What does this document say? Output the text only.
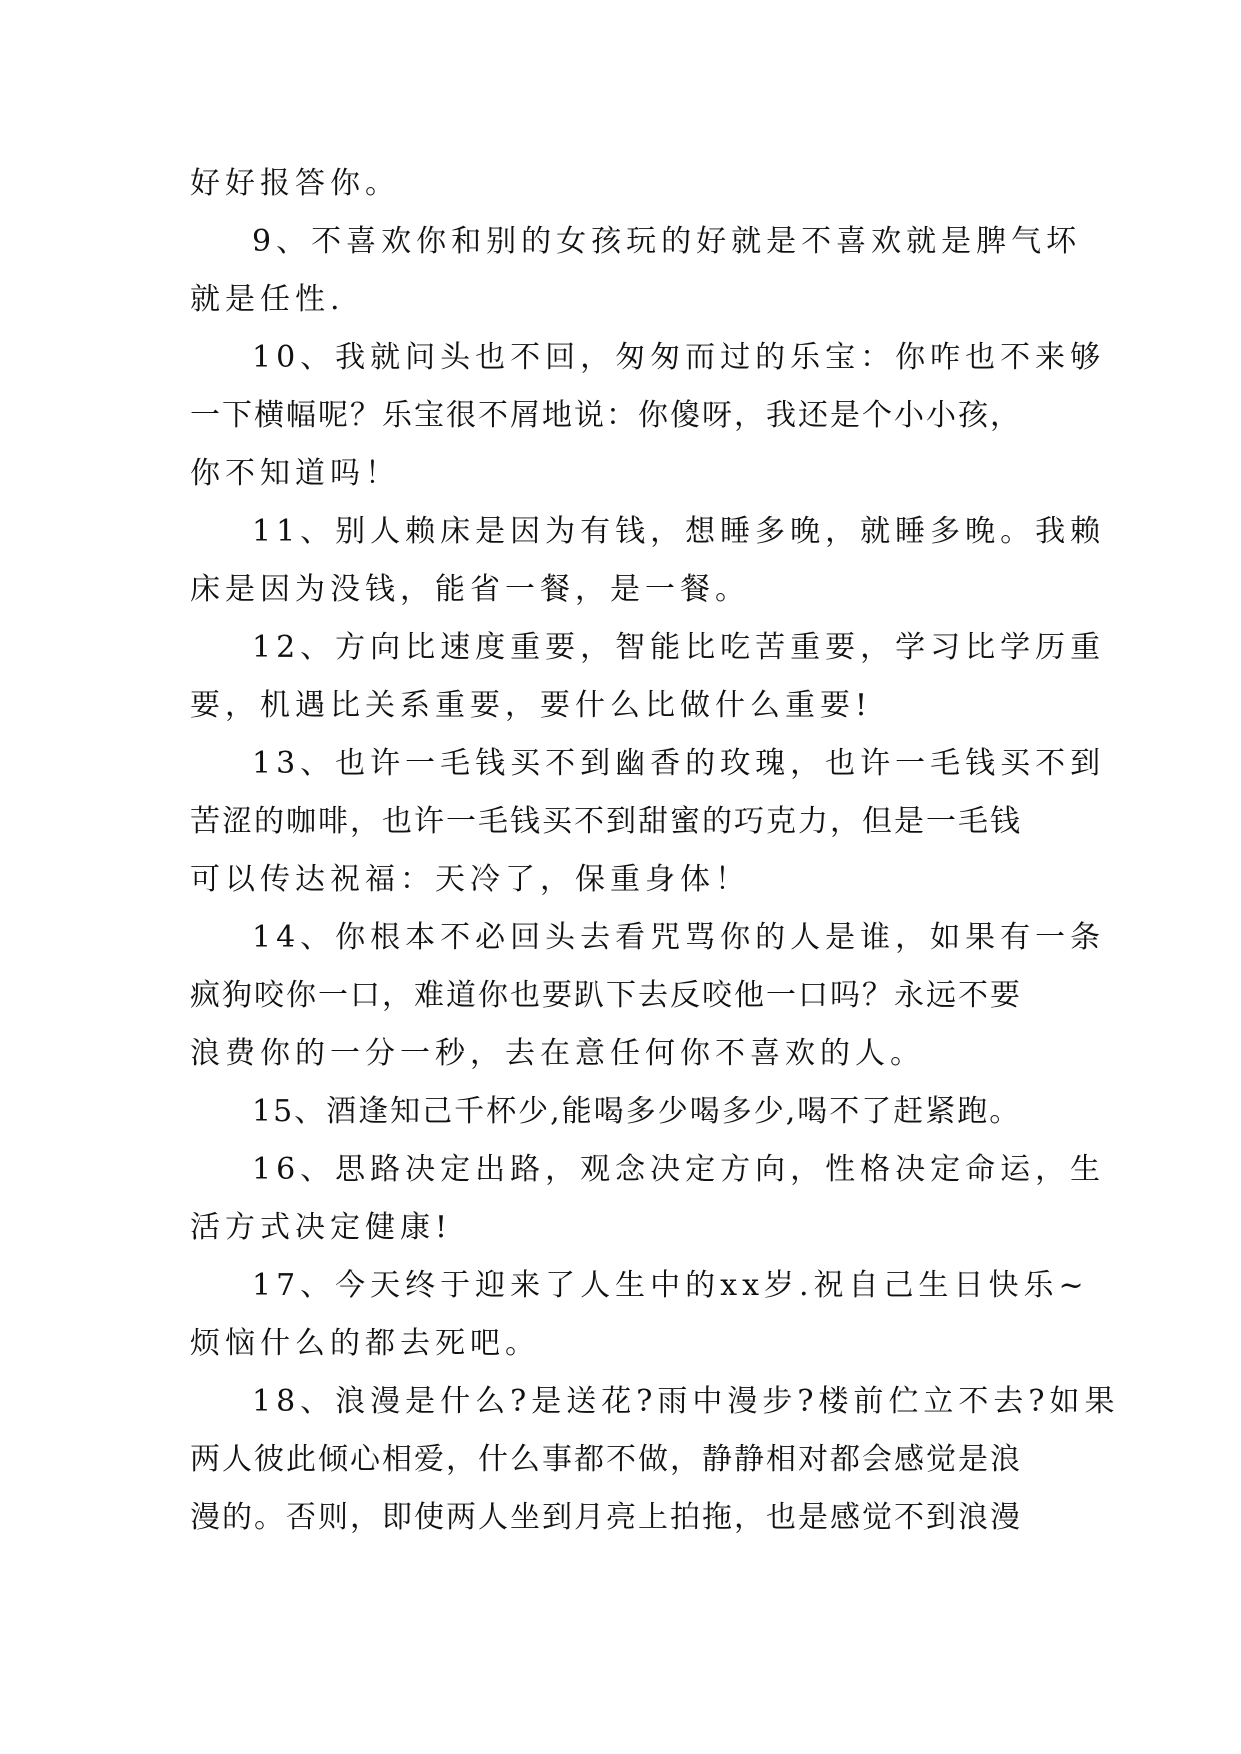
好好报答你。
9、不喜欢你和别的女孩玩的好就是不喜欢就是脾气坏
就是任性.
10、我就问头也不回，匆匆而过的乐宝：你咋也不来够
一下横幅呢？乐宝很不屑地说：你傻呀，我还是个小小孩，
你不知道吗！
11、别人赖床是因为有钱，想睡多晚，就睡多晚。我赖
床是因为没钱，能省一餐，是一餐。
12、方向比速度重要，智能比吃苦重要，学习比学历重
要，机遇比关系重要，要什么比做什么重要!
13、也许一毛钱买不到幽香的玫瑰，也许一毛钱买不到
苦涩的咖啡，也许一毛钱买不到甜蜜的巧克力，但是一毛钱
可以传达祝福：天冷了，保重身体！
14、你根本不必回头去看咒骂你的人是谁，如果有一条
疯狗咬你一口，难道你也要趴下去反咬他一口吗？永远不要
浪费你的一分一秒，去在意任何你不喜欢的人。
15、酒逢知己千杯少,能喝多少喝多少,喝不了赶紧跑。
16、思路决定出路，观念决定方向，性格决定命运，生
活方式决定健康!
17、今天终于迎来了人生中的xx岁.祝自己生日快乐~
烦恼什么的都去死吧。
18、浪漫是什么?是送花?雨中漫步?楼前伫立不去?如果
两人彼此倾心相爱，什么事都不做，静静相对都会感觉是浪
漫的。否则，即使两人坐到月亮上拍拖，也是感觉不到浪漫
